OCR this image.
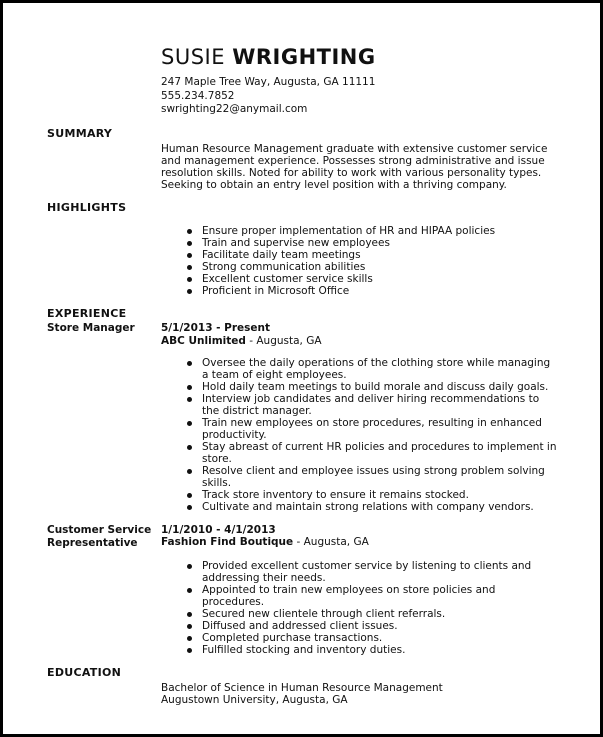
SUSIE WRIGHTING
247 Maple Tree Way, Augusta, GA 11111
555.234.7852
swrighting22@anymail.com
SUMMARY
Human Resource Management graduate with extensive customer service
and management experience. Possesses strong administrative and issue
resolution skills. Noted for ability to work with various personality types.
Seeking to obtain an entry level position with a thriving company.
HIGHLIGHTS
Ensure proper implementation of HR and HIPAA policies
Train and supervise new employees
Facilitate daily team meetings
Strong communication abilities
Excellent customer service skills
Proficient in Microsoft Office
EXPERIENCE
Store Manager	5/1/2013 - Present
ABC Unlimited - Augusta, GA
Oversee the daily operations of the clothing store while managing
a team of eight employees.
Hold daily team meetings to build morale and discuss daily goals.
Interview job candidates and deliver hiring recommendations to
the district manager.
Train new employees on store procedures, resulting in enhanced
productivity.
Stay abreast of current HR policies and procedures to implement in
store.
Resolve client and employee issues using strong problem solving
skills.
Track store inventory to ensure it remains stocked.
Cultivate and maintain strong relations with company vendors.
Customer Service
Representative
1/1/2010 - 4/1/2013
Fashion Find Boutique - Augusta, GA
Provided excellent customer service by listening to clients and
addressing their needs.
Appointed to train new employees on store policies and
procedures.
Secured new clientele through client referrals.
Diffused and addressed client issues.
Completed purchase transactions.
Fulfilled stocking and inventory duties.
EDUCATION
Bachelor of Science in Human Resource Management
Augustown University, Augusta, GA
